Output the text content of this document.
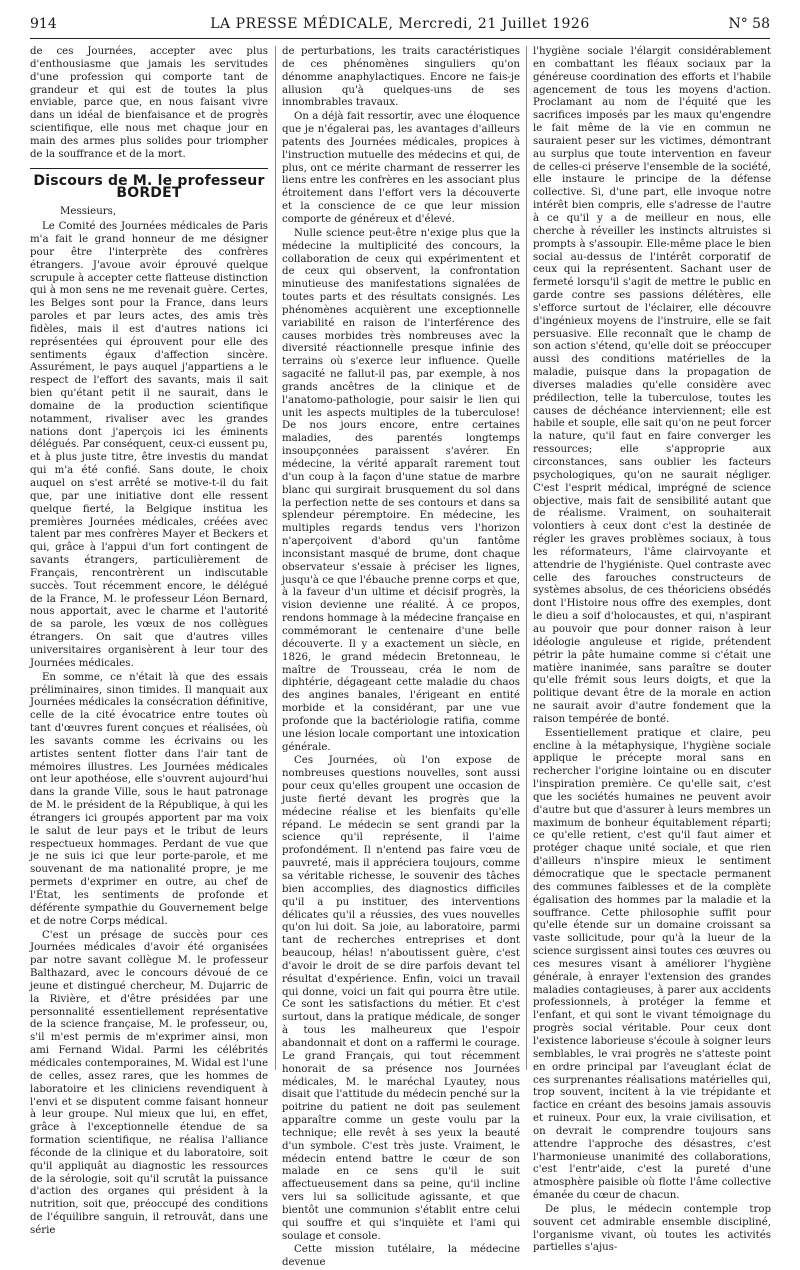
914	LA PRESSE MÉDICALE, Mercredi, 21 Juillet 1926	N° 58

de ces Journées, accepter avec plus d'enthousiasme que jamais les servitudes d'une profession qui comporte tant de grandeur et qui est de toutes la plus enviable, parce que, en nous faisant vivre dans un idéal de bienfaisance et de progrès scientifique, elle nous met chaque jour en main des armes plus solides pour triompher de la souffrance et de la mort.

Discours de M. le professeur BORDET

Messieurs,

Le Comité des Journées médicales de Paris m'a fait le grand honneur de me désigner pour être l'interprète des confrères étrangers. J'avoue avoir éprouvé quelque scrupule à accepter cette flatteuse distinction qui à mon sens ne me revenait guère. Certes, les Belges sont pour la France, dans leurs paroles et par leurs actes, des amis très fidèles, mais il est d'autres nations ici représentées qui éprouvent pour elle des sentiments égaux d'affection sincère. Assurément, le pays auquel j'appartiens a le respect de l'effort des savants, mais il sait bien qu'étant petit il ne saurait, dans le domaine de la production scientifique notamment, rivaliser avec les grandes nations dont j'aperçois ici les éminents délégués. Par conséquent, ceux-ci eussent pu, et à plus juste titre, être investis du mandat qui m'a été confié. Sans doute, le choix auquel on s'est arrêté se motive-t-il du fait que, par une initiative dont elle ressent quelque fierté, la Belgique institua les premières Journées médicales, créées avec talent par mes confrères Mayer et Beckers et qui, grâce à l'appui d'un fort contingent de savants étrangers, particulièrement de Français, rencontrèrent un indiscutable succès. Tout récemment encore, le délégué de la France, M. le professeur Léon Bernard, nous apportait, avec le charme et l'autorité de sa parole, les vœux de nos collègues étrangers. On sait que d'autres villes universitaires organisèrent à leur tour des Journées médicales.

En somme, ce n'était là que des essais préliminaires, sinon timides. Il manquait aux Journées médicales la consécration définitive, celle de la cité évocatrice entre toutes où tant d'œuvres furent conçues et réalisées, où les savants comme les écrivains ou les artistes sentent flotter dans l'air tant de mémoires illustres. Les Journées médicales ont leur apothéose, elle s'ouvrent aujourd'hui dans la grande Ville, sous le haut patronage de M. le président de la République, à qui les étrangers ici groupés apportent par ma voix le salut de leur pays et le tribut de leurs respectueux hommages. Perdant de vue que je ne suis ici que leur porte-parole, et me souvenant de ma nationalité propre, je me permets d'exprimer en outre, au chef de l'État, les sentiments de profonde et déférente sympathie du Gouvernement belge et de notre Corps médical.

C'est un présage de succès pour ces Journées médicales d'avoir été organisées par notre savant collègue M. le professeur Balthazard, avec le concours dévoué de ce jeune et distingué chercheur, M. Dujarric de la Rivière, et d'être présidées par une personnalité essentiellement représentative de la science française, M. le professeur, ou, s'il m'est permis de m'exprimer ainsi, mon ami Fernand Widal. Parmi les célébrités médicales contemporaines, M. Widal est l'une de celles, assez rares, que les hommes de laboratoire et les cliniciens revendiquent à l'envi et se disputent comme faisant honneur à leur groupe. Nul mieux que lui, en effet, grâce à l'exceptionnelle étendue de sa formation scientifique, ne réalisa l'alliance féconde de la clinique et du laboratoire, soit qu'il appliquât au diagnostic les ressources de la sérologie, soit qu'il scrutât la puissance d'action des organes qui président à la nutrition, soit que, préoccupé des conditions de l'équilibre sanguin, il retrouvât, dans une série

de perturbations, les traits caractéristiques de ces phénomènes singuliers qu'on dénomme anaphylactiques. Encore ne fais-je allusion qu'à quelques-uns de ses innombrables travaux.

On a déjà fait ressortir, avec une éloquence que je n'égalerai pas, les avantages d'ailleurs patents des Journées médicales, propices à l'instruction mutuelle des médecins et qui, de plus, ont ce mérite charmant de resserrer les liens entre les confrères en les associant plus étroitement dans l'effort vers la découverte et la conscience de ce que leur mission comporte de généreux et d'élevé.

Nulle science peut-être n'exige plus que la médecine la multiplicité des concours, la collaboration de ceux qui expérimentent et de ceux qui observent, la confrontation minutieuse des manifestations signalées de toutes parts et des résultats consignés. Les phénomènes acquièrent une exceptionnelle variabilité en raison de l'interférence des causes morbides très nombreuses avec la diversité réactionnelle presque infinie des terrains où s'exerce leur influence. Quelle sagacité ne fallut-il pas, par exemple, à nos grands ancêtres de la clinique et de l'anatomo-pathologie, pour saisir le lien qui unit les aspects multiples de la tuberculose! De nos jours encore, entre certaines maladies, des parentés longtemps insoupçonnées paraissent s'avérer. En médecine, la vérité apparaît rarement tout d'un coup à la façon d'une statue de marbre blanc qui surgirait brusquement du sol dans la perfection nette de ses contours et dans sa splendeur péremptoire. En médecine, les multiples regards tendus vers l'horizon n'aperçoivent d'abord qu'un fantôme inconsistant masqué de brume, dont chaque observateur s'essaie à préciser les lignes, jusqu'à ce que l'ébauche prenne corps et que, à la faveur d'un ultime et décisif progrès, la vision devienne une réalité. À ce propos, rendons hommage à la médecine française en commémorant le centenaire d'une belle découverte. Il y a exactement un siècle, en 1826, le grand médecin Bretonneau, le maître de Trousseau, créa le nom de diphtérie, dégageant cette maladie du chaos des angines banales, l'érigeant en entité morbide et la considérant, par une vue profonde que la bactériologie ratifia, comme une lésion locale comportant une intoxication générale.

Ces Journées, où l'on expose de nombreuses questions nouvelles, sont aussi pour ceux qu'elles groupent une occasion de juste fierté devant les progrès que la médecine réalise et les bienfaits qu'elle répand. Le médecin se sent grandi par la science qu'il représente, il l'aime profondément. Il n'entend pas faire vœu de pauvreté, mais il appréciera toujours, comme sa véritable richesse, le souvenir des tâches bien accomplies, des diagnostics difficiles qu'il a pu instituer, des interventions délicates qu'il a réussies, des vues nouvelles qu'on lui doit. Sa joie, au laboratoire, parmi tant de recherches entreprises et dont beaucoup, hélas! n'aboutissent guère, c'est d'avoir le droit de se dire parfois devant tel résultat d'expérience. Enfin, voici un travail qui donne, voici un fait qui pourra être utile. Ce sont les satisfactions du métier. Et c'est surtout, dans la pratique médicale, de songer à tous les malheureux que l'espoir abandonnait et dont on a raffermi le courage. Le grand Français, qui tout récemment honorait de sa présence nos Journées médicales, M. le maréchal Lyautey, nous disait que l'attitude du médecin penché sur la poitrine du patient ne doit pas seulement apparaître comme un geste voulu par la technique; elle revêt à ses yeux la beauté d'un symbole. C'est très juste. Vraiment, le médecin entend battre le cœur de son malade en ce sens qu'il le suit affectueusement dans sa peine, qu'il incline vers lui sa sollicitude agissante, et que bientôt une communion s'établit entre celui qui souffre et qui s'inquiète et l'ami qui soulage et console.

Cette mission tutélaire, la médecine devenue

l'hygiène sociale l'élargit considérablement en combattant les fléaux sociaux par la généreuse coordination des efforts et l'habile agencement de tous les moyens d'action. Proclamant au nom de l'équité que les sacrifices imposés par les maux qu'engendre le fait même de la vie en commun ne sauraient peser sur les victimes, démontrant au surplus que toute intervention en faveur de celles-ci préserve l'ensemble de la société, elle instaure le principe de la défense collective. Si, d'une part, elle invoque notre intérêt bien compris, elle s'adresse de l'autre à ce qu'il y a de meilleur en nous, elle cherche à réveiller les instincts altruistes si prompts à s'assoupir. Elle-même place le bien social au-dessus de l'intérêt corporatif de ceux qui la représentent. Sachant user de fermeté lorsqu'il s'agit de mettre le public en garde contre ses passions délétères, elle s'efforce surtout de l'éclairer, elle découvre d'ingénieux moyens de l'instruire, elle se fait persuasive. Elle reconnaît que le champ de son action s'étend, qu'elle doit se préoccuper aussi des conditions matérielles de la maladie, puisque dans la propagation de diverses maladies qu'elle considère avec prédilection, telle la tuberculose, toutes les causes de déchéance interviennent; elle est habile et souple, elle sait qu'on ne peut forcer la nature, qu'il faut en faire converger les ressources; elle s'approprie aux circonstances, sans oublier les facteurs psychologiques, qu'on ne saurait négliger. C'est l'esprit médical, imprégné de science objective, mais fait de sensibilité autant que de réalisme. Vraiment, on souhaiterait volontiers à ceux dont c'est la destinée de régler les graves problèmes sociaux, à tous les réformateurs, l'âme clairvoyante et attendrie de l'hygiéniste. Quel contraste avec celle des farouches constructeurs de systèmes absolus, de ces théoriciens obsédés dont l'Histoire nous offre des exemples, dont le dieu a soif d'holocaustes, et qui, n'aspirant au pouvoir que pour donner raison à leur idéologie anguleuse et rigide, prétendent pétrir la pâte humaine comme si c'était une matière inanimée, sans paraître se douter qu'elle frémit sous leurs doigts, et que la politique devant être de la morale en action ne saurait avoir d'autre fondement que la raison tempérée de bonté.

Essentiellement pratique et claire, peu encline à la métaphysique, l'hygiène sociale applique le précepte moral sans en rechercher l'origine lointaine ou en discuter l'inspiration première. Ce qu'elle sait, c'est que les sociétés humaines ne peuvent avoir d'autre but que d'assurer à leurs membres un maximum de bonheur équitablement réparti; ce qu'elle retient, c'est qu'il faut aimer et protéger chaque unité sociale, et que rien d'ailleurs n'inspire mieux le sentiment démocratique que le spectacle permanent des communes faiblesses et de la complète égalisation des hommes par la maladie et la souffrance. Cette philosophie suffit pour qu'elle étende sur un domaine croissant sa vaste sollicitude, pour qu'à la lueur de la science surgissent ainsi toutes ces œuvres ou ces mesures visant à améliorer l'hygiène générale, à enrayer l'extension des grandes maladies contagieuses, à parer aux accidents professionnels, à protéger la femme et l'enfant, et qui sont le vivant témoignage du progrès social véritable. Pour ceux dont l'existence laborieuse s'écoule à soigner leurs semblables, le vrai progrès ne s'atteste point en ordre principal par l'aveuglant éclat de ces surprenantes réalisations matérielles qui, trop souvent, incitent à la vie trépidante et factice en créant des besoins jamais assouvis et ruineux. Pour eux, la vraie civilisation, et on devrait le comprendre toujours sans attendre l'approche des désastres, c'est l'harmonieuse unanimité des collaborations, c'est l'entr'aide, c'est la pureté d'une atmosphère paisible où flotte l'âme collective émanée du cœur de chacun.

De plus, le médecin contemple trop souvent cet admirable ensemble discipliné, l'organisme vivant, où toutes les activités partielles s'ajus-
